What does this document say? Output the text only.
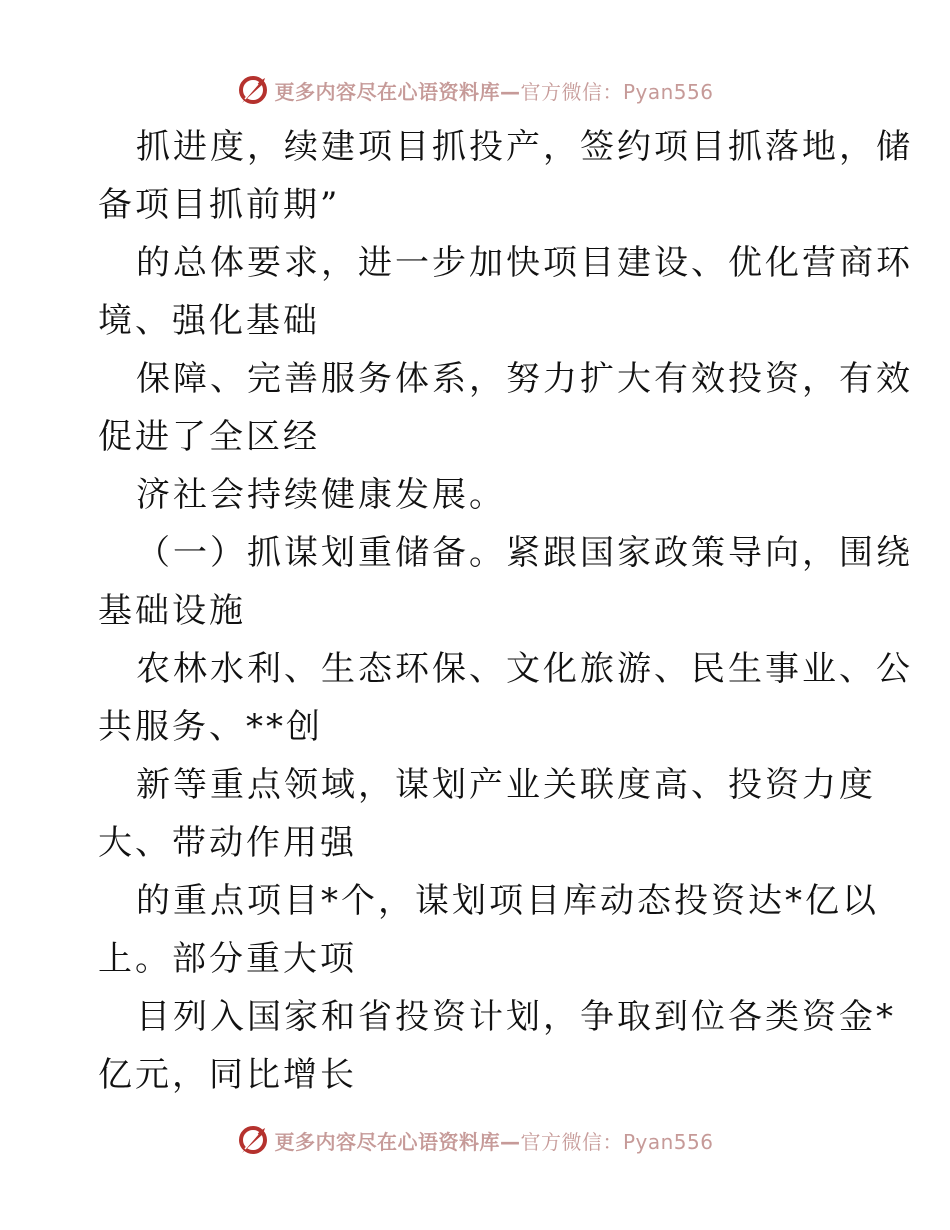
更多内容尽在心语资料库—官方微信：Pyan556
抓进度，续建项目抓投产，签约项目抓落地，储
备项目抓前期”
的总体要求，进一步加快项目建设、优化营商环
境、强化基础
保障、完善服务体系，努力扩大有效投资，有效
促进了全区经
济社会持续健康发展。
（一）抓谋划重储备。紧跟国家政策导向，围绕
基础设施
农林水利、生态环保、文化旅游、民生事业、公
共服务、**创
新等重点领域，谋划产业关联度高、投资力度
大、带动作用强
的重点项目*个，谋划项目库动态投资达*亿以
上。部分重大项
目列入国家和省投资计划，争取到位各类资金*
亿元，同比增长
更多内容尽在心语资料库—官方微信：Pyan556
